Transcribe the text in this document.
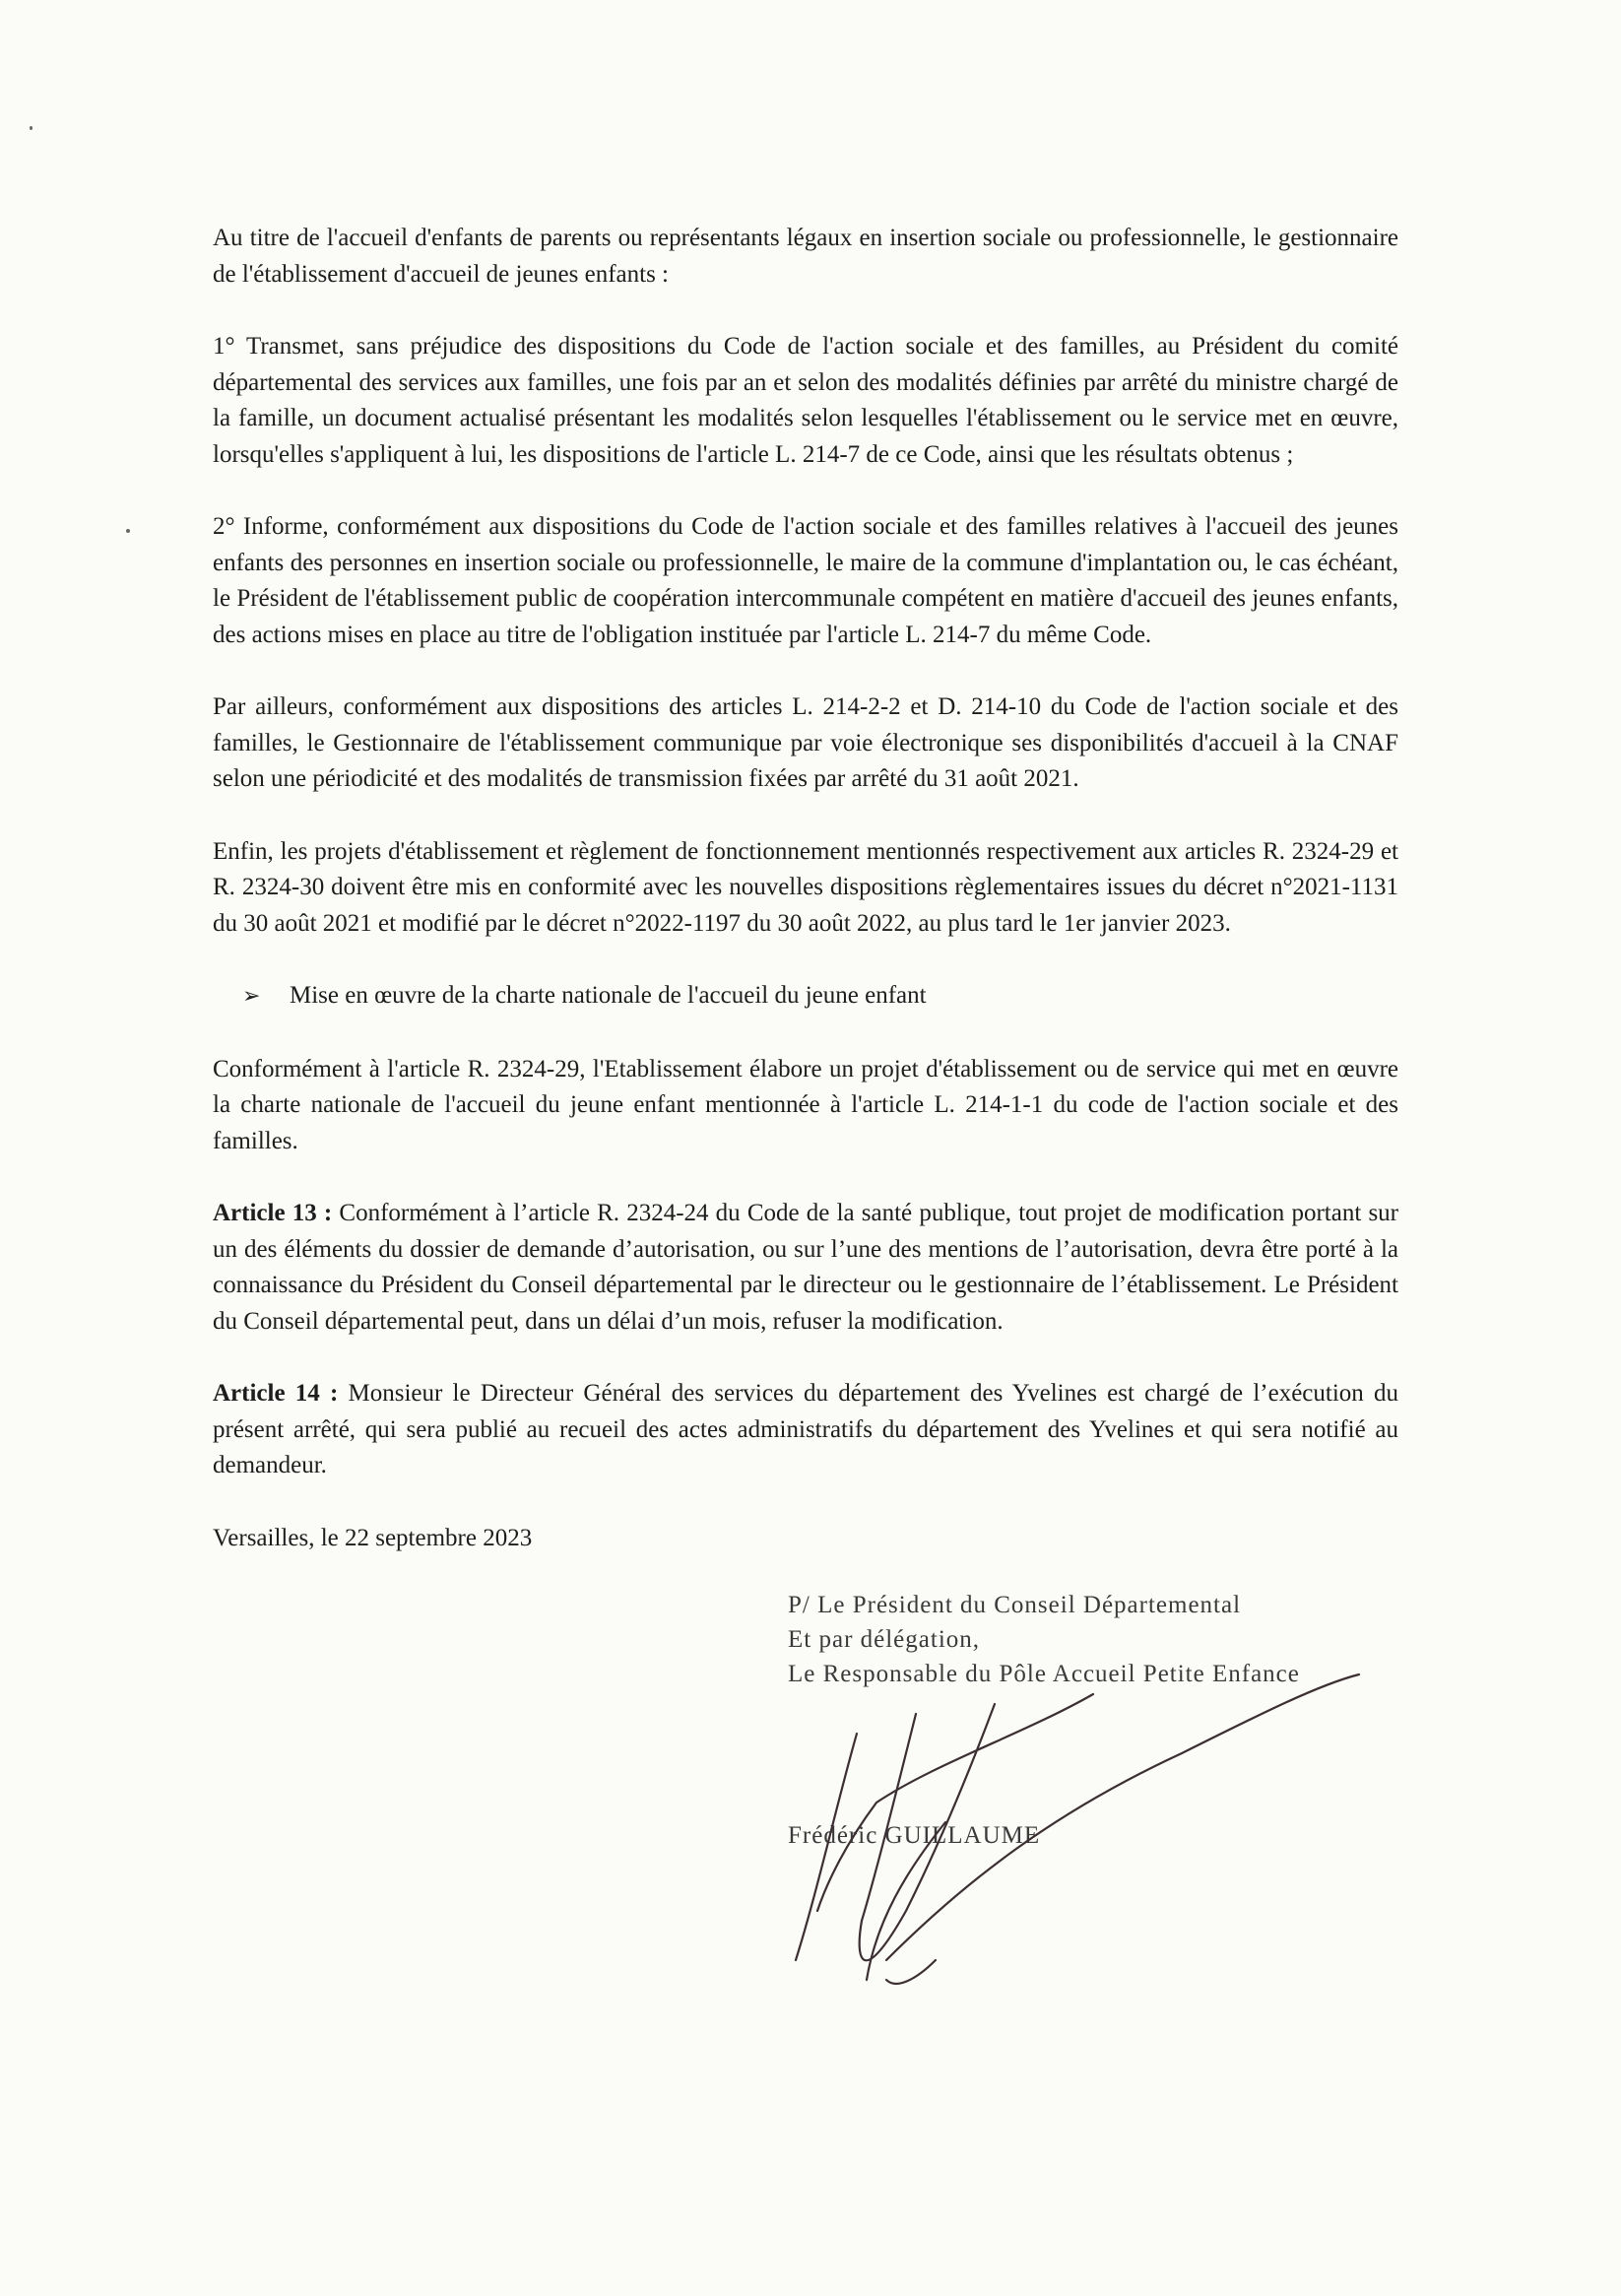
Au titre de l'accueil d'enfants de parents ou représentants légaux en insertion sociale ou professionnelle, le gestionnaire de l'établissement d'accueil de jeunes enfants :

1° Transmet, sans préjudice des dispositions du Code de l'action sociale et des familles, au Président du comité départemental des services aux familles, une fois par an et selon des modalités définies par arrêté du ministre chargé de la famille, un document actualisé présentant les modalités selon lesquelles l'établissement ou le service met en œuvre, lorsqu'elles s'appliquent à lui, les dispositions de l'article L. 214-7 de ce Code, ainsi que les résultats obtenus ;

2° Informe, conformément aux dispositions du Code de l'action sociale et des familles relatives à l'accueil des jeunes enfants des personnes en insertion sociale ou professionnelle, le maire de la commune d'implantation ou, le cas échéant, le Président de l'établissement public de coopération intercommunale compétent en matière d'accueil des jeunes enfants, des actions mises en place au titre de l'obligation instituée par l'article L. 214-7 du même Code.

Par ailleurs, conformément aux dispositions des articles L. 214-2-2 et D. 214-10 du Code de l'action sociale et des familles, le Gestionnaire de l'établissement communique par voie électronique ses disponibilités d'accueil à la CNAF selon une périodicité et des modalités de transmission fixées par arrêté du 31 août 2021.

Enfin, les projets d'établissement et règlement de fonctionnement mentionnés respectivement aux articles R. 2324-29 et R. 2324-30 doivent être mis en conformité avec les nouvelles dispositions règlementaires issues du décret n°2021-1131 du 30 août 2021 et modifié par le décret n°2022-1197 du 30 août 2022, au plus tard le 1er janvier 2023.

➢ Mise en œuvre de la charte nationale de l'accueil du jeune enfant

Conformément à l'article R. 2324-29, l'Etablissement élabore un projet d'établissement ou de service qui met en œuvre la charte nationale de l'accueil du jeune enfant mentionnée à l'article L. 214-1-1 du code de l'action sociale et des familles.

Article 13 : Conformément à l’article R. 2324-24 du Code de la santé publique, tout projet de modification portant sur un des éléments du dossier de demande d’autorisation, ou sur l’une des mentions de l’autorisation, devra être porté à la connaissance du Président du Conseil départemental par le directeur ou le gestionnaire de l’établissement. Le Président du Conseil départemental peut, dans un délai d’un mois, refuser la modification.

Article 14 : Monsieur le Directeur Général des services du département des Yvelines est chargé de l’exécution du présent arrêté, qui sera publié au recueil des actes administratifs du département des Yvelines et qui sera notifié au demandeur.

Versailles, le 22 septembre 2023

P/ Le Président du Conseil Départemental
Et par délégation,
Le Responsable du Pôle Accueil Petite Enfance
Frédéric GUILLAUME
